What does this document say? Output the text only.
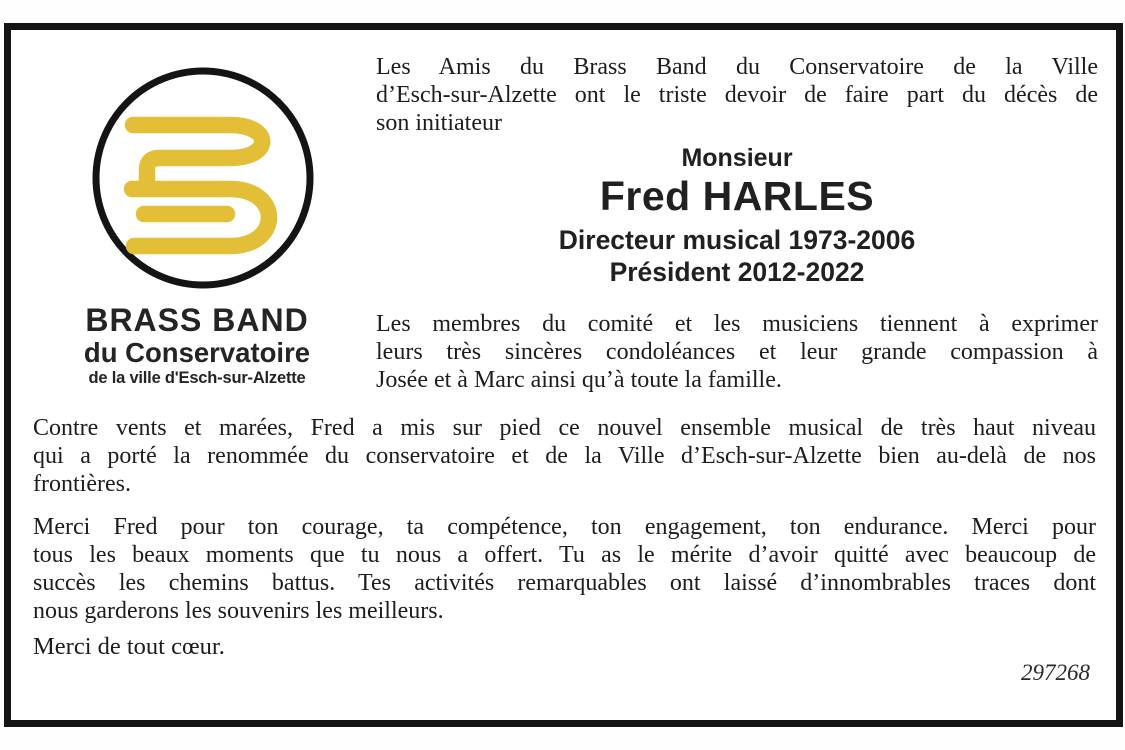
BRASS BAND
du Conservatoire
de la ville d'Esch-sur-Alzette
Les Amis du Brass Band du Conservatoire de la Ville
d’Esch-sur-Alzette ont le triste devoir de faire part du décès de
son initiateur
Monsieur
Fred HARLES
Directeur musical 1973-2006
Président 2012-2022
Les membres du comité et les musiciens tiennent à exprimer
leurs très sincères condoléances et leur grande compassion à
Josée et à Marc ainsi qu’à toute la famille.
Contre vents et marées, Fred a mis sur pied ce nouvel ensemble musical de très haut niveau
qui a porté la renommée du conservatoire et de la Ville d’Esch-sur-Alzette bien au-delà de nos
frontières.
Merci Fred pour ton courage, ta compétence, ton engagement, ton endurance. Merci pour
tous les beaux moments que tu nous a offert. Tu as le mérite d’avoir quitté avec beaucoup de
succès les chemins battus. Tes activités remarquables ont laissé d’innombrables traces dont
nous garderons les souvenirs les meilleurs.
Merci de tout cœur.
297268
